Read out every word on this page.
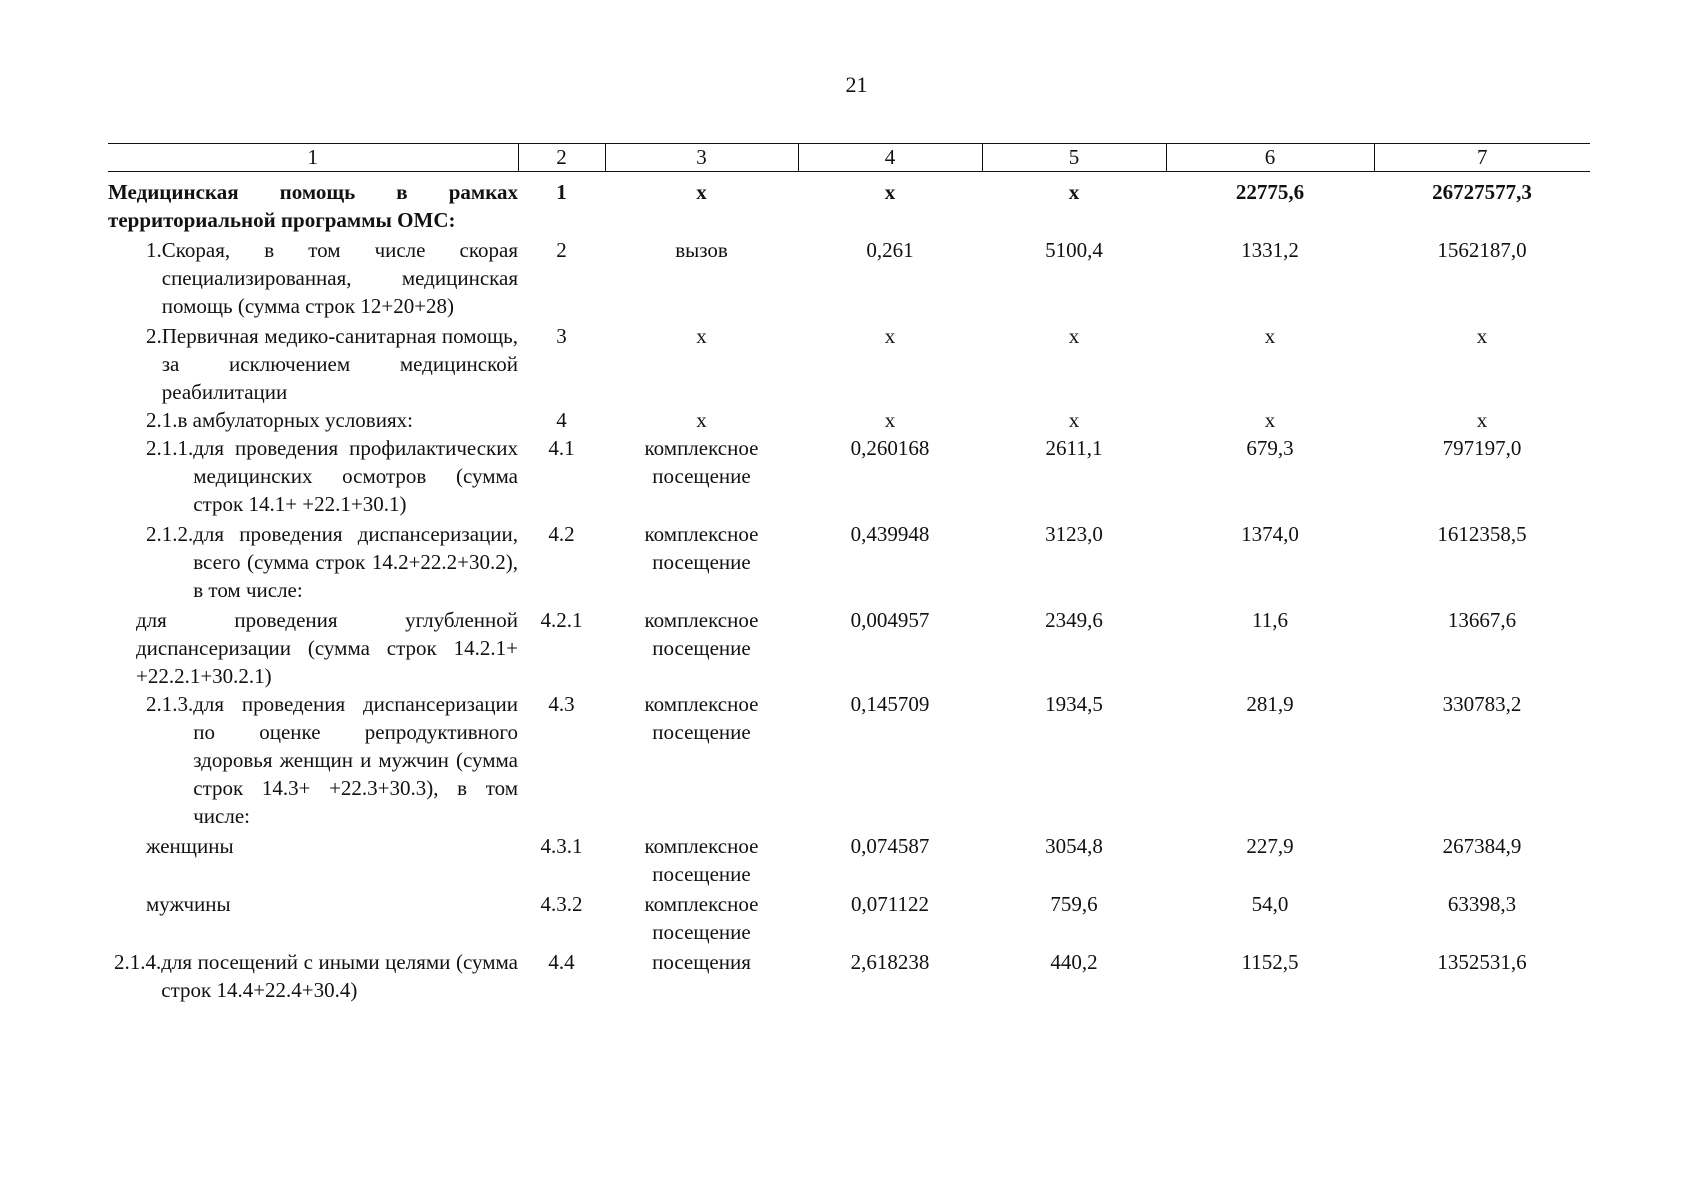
21
1	2	3	4	5	6	7

Медицинская помощь в рамках территориальной программы ОМС:	1	х	х	х	22775,6	26727577,3

1. Скорая, в том числе скорая специализированная, медицинская помощь (сумма строк 12+20+28)	2	вызов	0,261	5100,4	1331,2	1562187,0

2. Первичная медико-санитарная помощь, за исключением медицинской реабилитации	3	х	х	х	х	х

2.1. в амбулаторных условиях:	4	х	х	х	х	х

2.1.1. для проведения профилактических медицинских осмотров (сумма строк 14.1+ +22.1+30.1)	4.1	комплексное посещение	0,260168	2611,1	679,3	797197,0

2.1.2. для проведения диспансеризации, всего (сумма строк 14.2+22.2+30.2), в том числе:	4.2	комплексное посещение	0,439948	3123,0	1374,0	1612358,5

для проведения углубленной диспансеризации (сумма строк 14.2.1+ +22.2.1+30.2.1)	4.2.1	комплексное посещение	0,004957	2349,6	11,6	13667,6

2.1.3. для проведения диспансеризации по оценке репродуктивного здоровья женщин и мужчин (сумма строк 14.3+ +22.3+30.3), в том числе:	4.3	комплексное посещение	0,145709	1934,5	281,9	330783,2

женщины	4.3.1	комплексное посещение	0,074587	3054,8	227,9	267384,9

мужчины	4.3.2	комплексное посещение	0,071122	759,6	54,0	63398,3

2.1.4. для посещений с иными целями (сумма строк 14.4+22.4+30.4)	4.4	посещения	2,618238	440,2	1152,5	1352531,6
